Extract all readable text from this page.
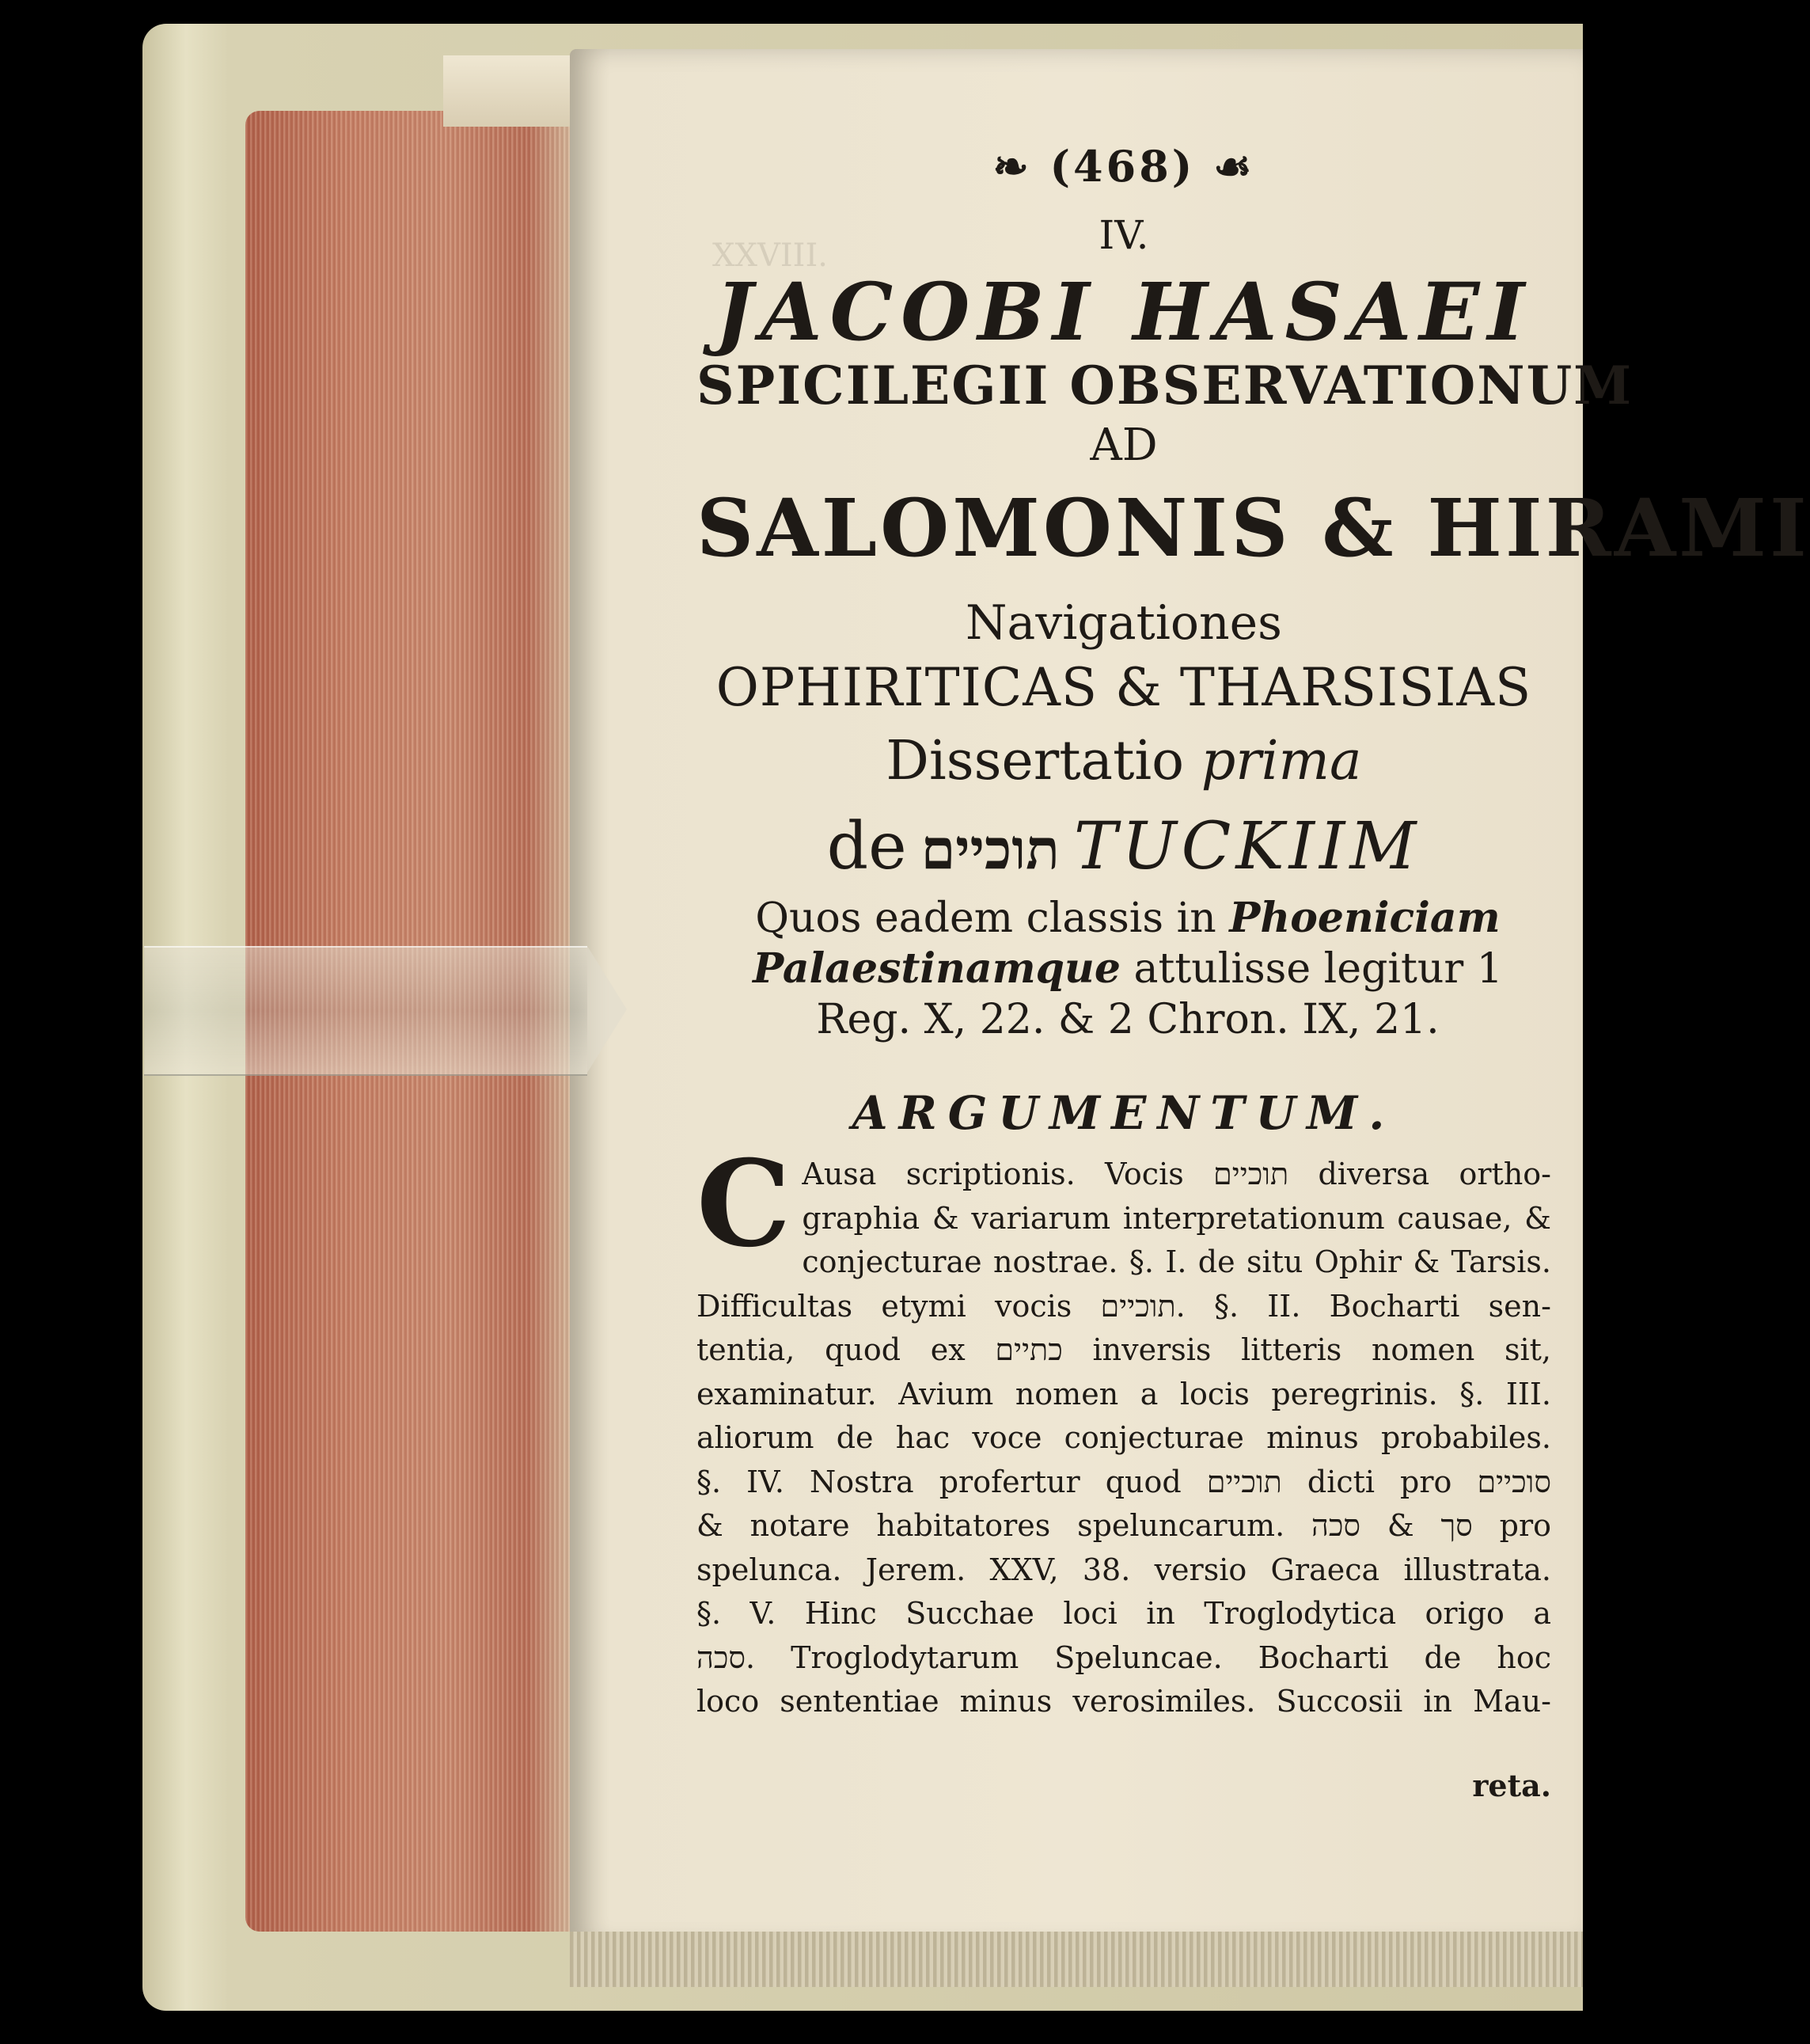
XXVIII.
❧ (468) ☙
IV.
JACOBI HASAEI
SPICILEGII OBSERVATIONUM
AD
SALOMONIS & HIRAMI
Navigationes
OPHIRITICAS & THARSISIAS
Dissertatio prima
de תוכיים TUCKIIM
Quos eadem classis in Phoeniciam Palaestinamque attulisse legitur 1 Reg. X, 22. & 2 Chron. IX, 21.
ARGUMENTUM.
C Ausa scriptionis. Vocis תוכיים diversa ortho-
graphia & variarum interpretationum causae, &
conjecturae nostrae. §. I. de situ Ophir & Tarsis.
Difficultas etymi vocis תוכיים. §. II. Bocharti sen-
tentia, quod ex כתיים inversis litteris nomen sit,
examinatur. Avium nomen a locis peregrinis. §. III.
aliorum de hac voce conjecturae minus probabiles.
§. IV. Nostra profertur quod תוכיים dicti pro סוכיים
& notare habitatores speluncarum. סך & סכה pro
spelunca. Jerem. XXV, 38. versio Graeca illustrata.
§. V. Hinc Succhae loci in Troglodytica origo a
סכה. Troglodytarum Speluncae. Bocharti de hoc
loco sententiae minus verosimiles. Succosii in Mau-
reta.
